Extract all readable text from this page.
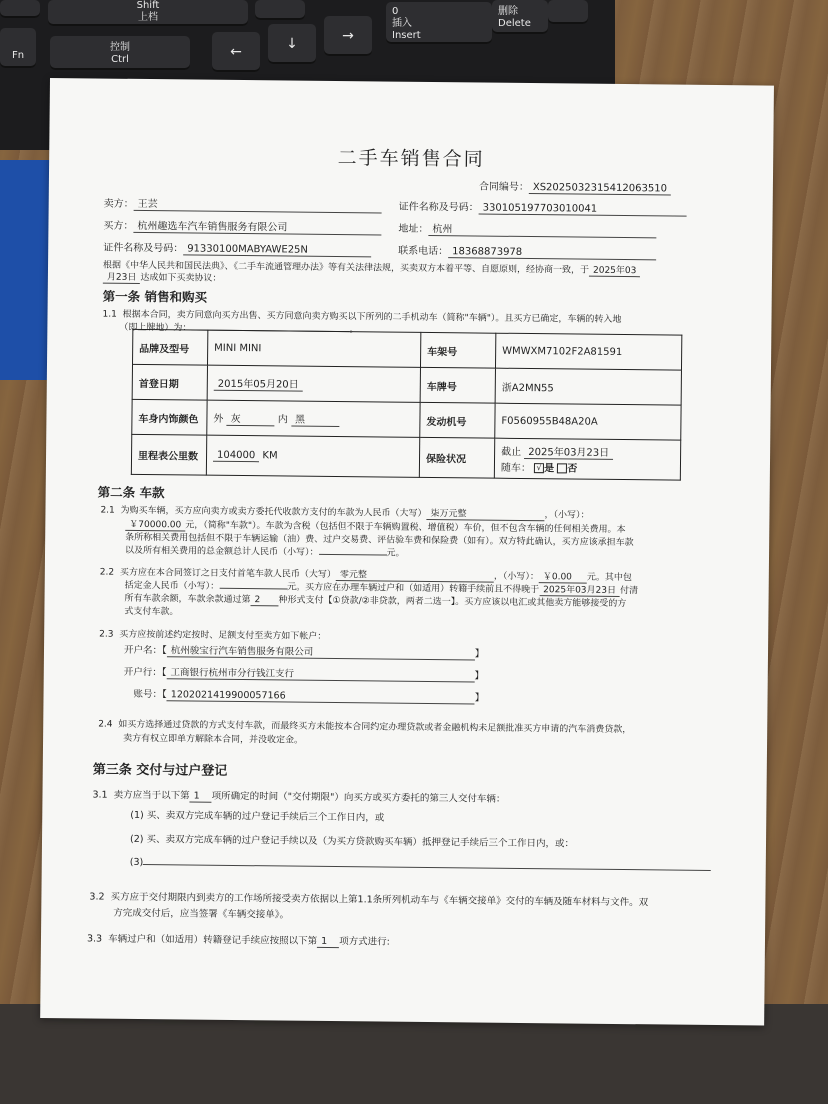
Shift
上档
Fn
控制
Ctrl	←	↓	→
0
插入
Insert
删除
Delete
二手车销售合同
合同编号： XS2025032315412063510
卖方： 王芸	证件名称及号码： 330105197703010041
买方： 杭州趣选车汽车销售服务有限公司	地址： 杭州
证件名称及号码： 91330100MABYAWE25N	联系电话： 18368873978
根据《中华人民共和国民法典》、《二手车流通管理办法》等有关法律法规，买卖双方本着平等、自愿原则，经协商一致，于 2025年03
月23日 达成如下买卖协议：
第一条 销售和购买
1.1 根据本合同，卖方同意向买方出售、买方同意向卖方购买以下所列的二手机动车（简称"车辆"）。且买方已确定，车辆的转入地
（即上牌地）为：	。
品牌及型号	MINI MINI	车架号	WMWXM7102F2A81591
首登日期	2015年05月20日	车牌号	浙A2MN55
车身内饰颜色	外 灰 内 黑	发动机号	F0560955B48A20A
里程表公里数	104000 KM	保险状况	截止 2025年03月23日
随车： √ 是 否
第二条 车款
2.1 为购买车辆，买方应向卖方或卖方委托代收款方支付的车款为人民币（大写） 柒万元整	，（小写）：
￥70000.00 元，（简称"车款"）。车款为含税（包括但不限于车辆购置税、增值税）车价，但不包含车辆的任何相关费用。本
条所称相关费用包括但不限于车辆运输（油）费、过户交易费、评估验车费和保险费（如有）。双方特此确认，买方应该承担车款
以及所有相关费用的总金额总计人民币（小写）：	元。
2.2 买方应在本合同签订之日支付首笔车款人民币（大写） 零元整	，（小写）： ￥0.00 元。其中包
括定金人民币（小写）：	元。买方应在办理车辆过户和（如适用）转籍手续前且不得晚于 2025年03月23日 付清
所有车款余额，车款余款通过第 2 种形式支付【①贷款/②非贷款，两者二选一】。买方应该以电汇或其他卖方能够接受的方
式支付车款。
2.3 买方应按前述约定按时、足额支付至卖方如下帐户：
开户名：【 杭州骏宝行汽车销售服务有限公司	】
开户行：【 工商银行杭州市分行钱江支行	】
账号：【 1202021419900057166	】
2.4 如买方选择通过贷款的方式支付车款，而最终买方未能按本合同约定办理贷款或者金融机构未足额批准买方申请的汽车消费贷款，
卖方有权立即单方解除本合同，并没收定金。
第三条 交付与过户登记
3.1 卖方应当于以下第 1 项所确定的时间（"交付期限"）向买方或买方委托的第三人交付车辆：
(1) 买、卖双方完成车辆的过户登记手续后三个工作日内，或
(2) 买、卖双方完成车辆的过户登记手续以及（为买方贷款购买车辆）抵押登记手续后三个工作日内，或：
(3)
3.2 买方应于交付期限内到卖方的工作场所接受卖方依据以上第1.1条所列机动车与《车辆交接单》交付的车辆及随车材料与文件。双
方完成交付后，应当签署《车辆交接单》。
3.3 车辆过户和（如适用）转籍登记手续应按照以下第 1 项方式进行:
